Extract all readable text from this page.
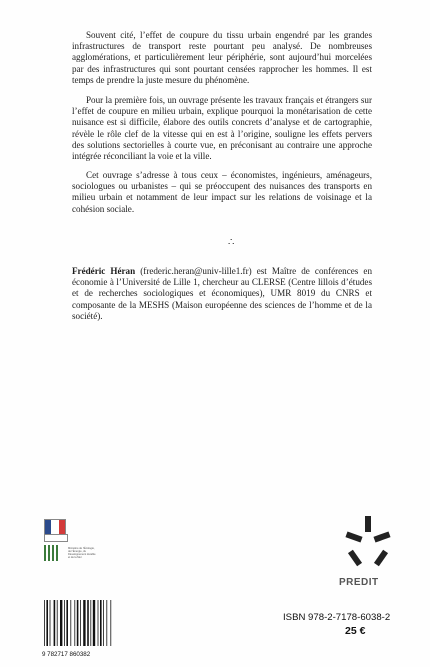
Souvent cité, l’effet de coupure du tissu urbain engendré par les grandes infrastructures de transport reste pourtant peu analysé. De nombreuses agglomérations, et particulièrement leur périphérie, sont aujourd’hui morcelées par des infrastructures qui sont pourtant censées rapprocher les hommes. Il est temps de prendre la juste mesure du phénomène.

Pour la première fois, un ouvrage présente les travaux français et étrangers sur l’effet de coupure en milieu urbain, explique pourquoi la monétarisation de cette nuisance est si difficile, élabore des outils concrets d’analyse et de cartographie, révèle le rôle clef de la vitesse qui en est à l’origine, souligne les effets pervers des solutions sectorielles à courte vue, en préconisant au contraire une approche intégrée réconciliant la voie et la ville.

Cet ouvrage s’adresse à tous ceux – économistes, ingénieurs, aménageurs, sociologues ou urbanistes – qui se préoccupent des nuisances des transports en milieu urbain et notamment de leur impact sur les relations de voisinage et la cohésion sociale.

∴

Frédéric Héran (frederic.heran@univ-lille1.fr) est Maître de conférences en économie à l’Université de Lille 1, chercheur au CLERSE (Centre lillois d’études et de recherches sociologiques et économiques), UMR 8019 du CNRS et composante de la MESHS (Maison européenne des sciences de l’homme et de la société).

Ministère de l’Écologie, de l’Énergie, du Développement durable et de la Mer
PREDIT
9 782717 860382
ISBN 978-2-7178-6038-2
25 €
